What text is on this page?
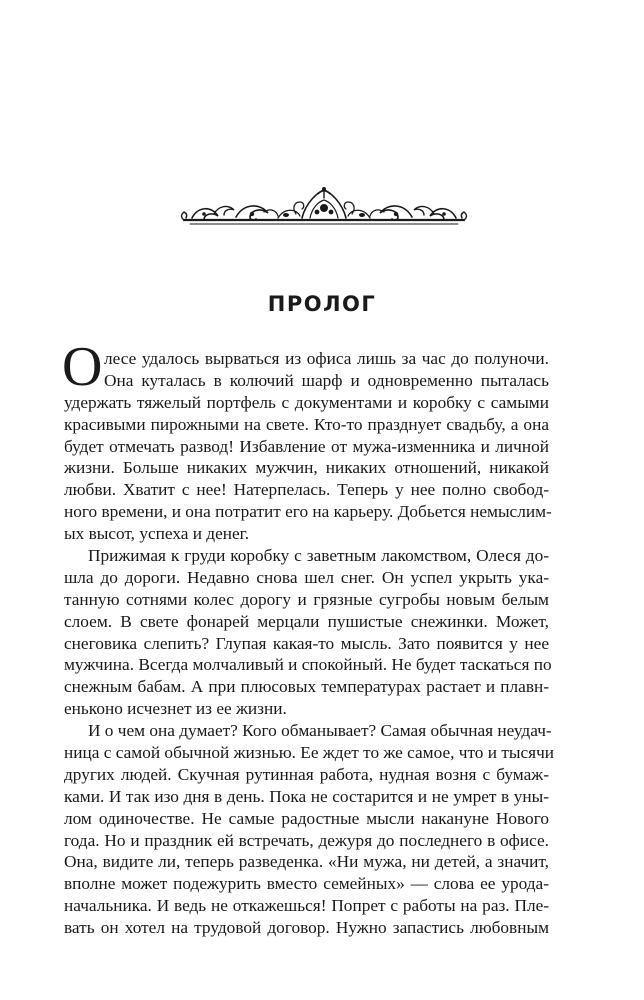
ПРОЛОГ
О лесе удалось вырваться из офиса лишь за час до полуночи.
Она куталась в колючий шарф и одновременно пыталась
удержать тяжелый портфель с документами и коробку с самыми
красивыми пирожными на свете. Кто-то празднует свадьбу, а она
будет отмечать развод! Избавление от мужа-изменника и личной
жизни. Больше никаких мужчин, никаких отношений, никакой
любви. Хватит с нее! Натерпелась. Теперь у нее полно свобод-
ного времени, и она потратит его на карьеру. Добьется немыслим-
ых высот, успеха и денег.
Прижимая к груди коробку с заветным лакомством, Олеся до-
шла до дороги. Недавно снова шел снег. Он успел укрыть ука-
танную сотнями колес дорогу и грязные сугробы новым белым
слоем. В свете фонарей мерцали пушистые снежинки. Может,
снеговика слепить? Глупая какая-то мысль. Зато появится у нее
мужчина. Всегда молчаливый и спокойный. Не будет таскаться по
снежным бабам. А при плюсовых температурах растает и плавн-
еньконо исчезнет из ее жизни.
И о чем она думает? Кого обманывает? Самая обычная неудач-
ница с самой обычной жизнью. Ее ждет то же самое, что и тысячи
других людей. Скучная рутинная работа, нудная возня с бумаж-
ками. И так изо дня в день. Пока не состарится и не умрет в уны-
лом одиночестве. Не самые радостные мысли накануне Нового
года. Но и праздник ей встречать, дежуря до последнего в офисе.
Она, видите ли, теперь разведенка. «Ни мужа, ни детей, а значит,
вполне может подежурить вместо семейных» — слова ее урода-
начальника. И ведь не откажешься! Попрет с работы на раз. Пле-
вать он хотел на трудовой договор. Нужно запастись любовным
